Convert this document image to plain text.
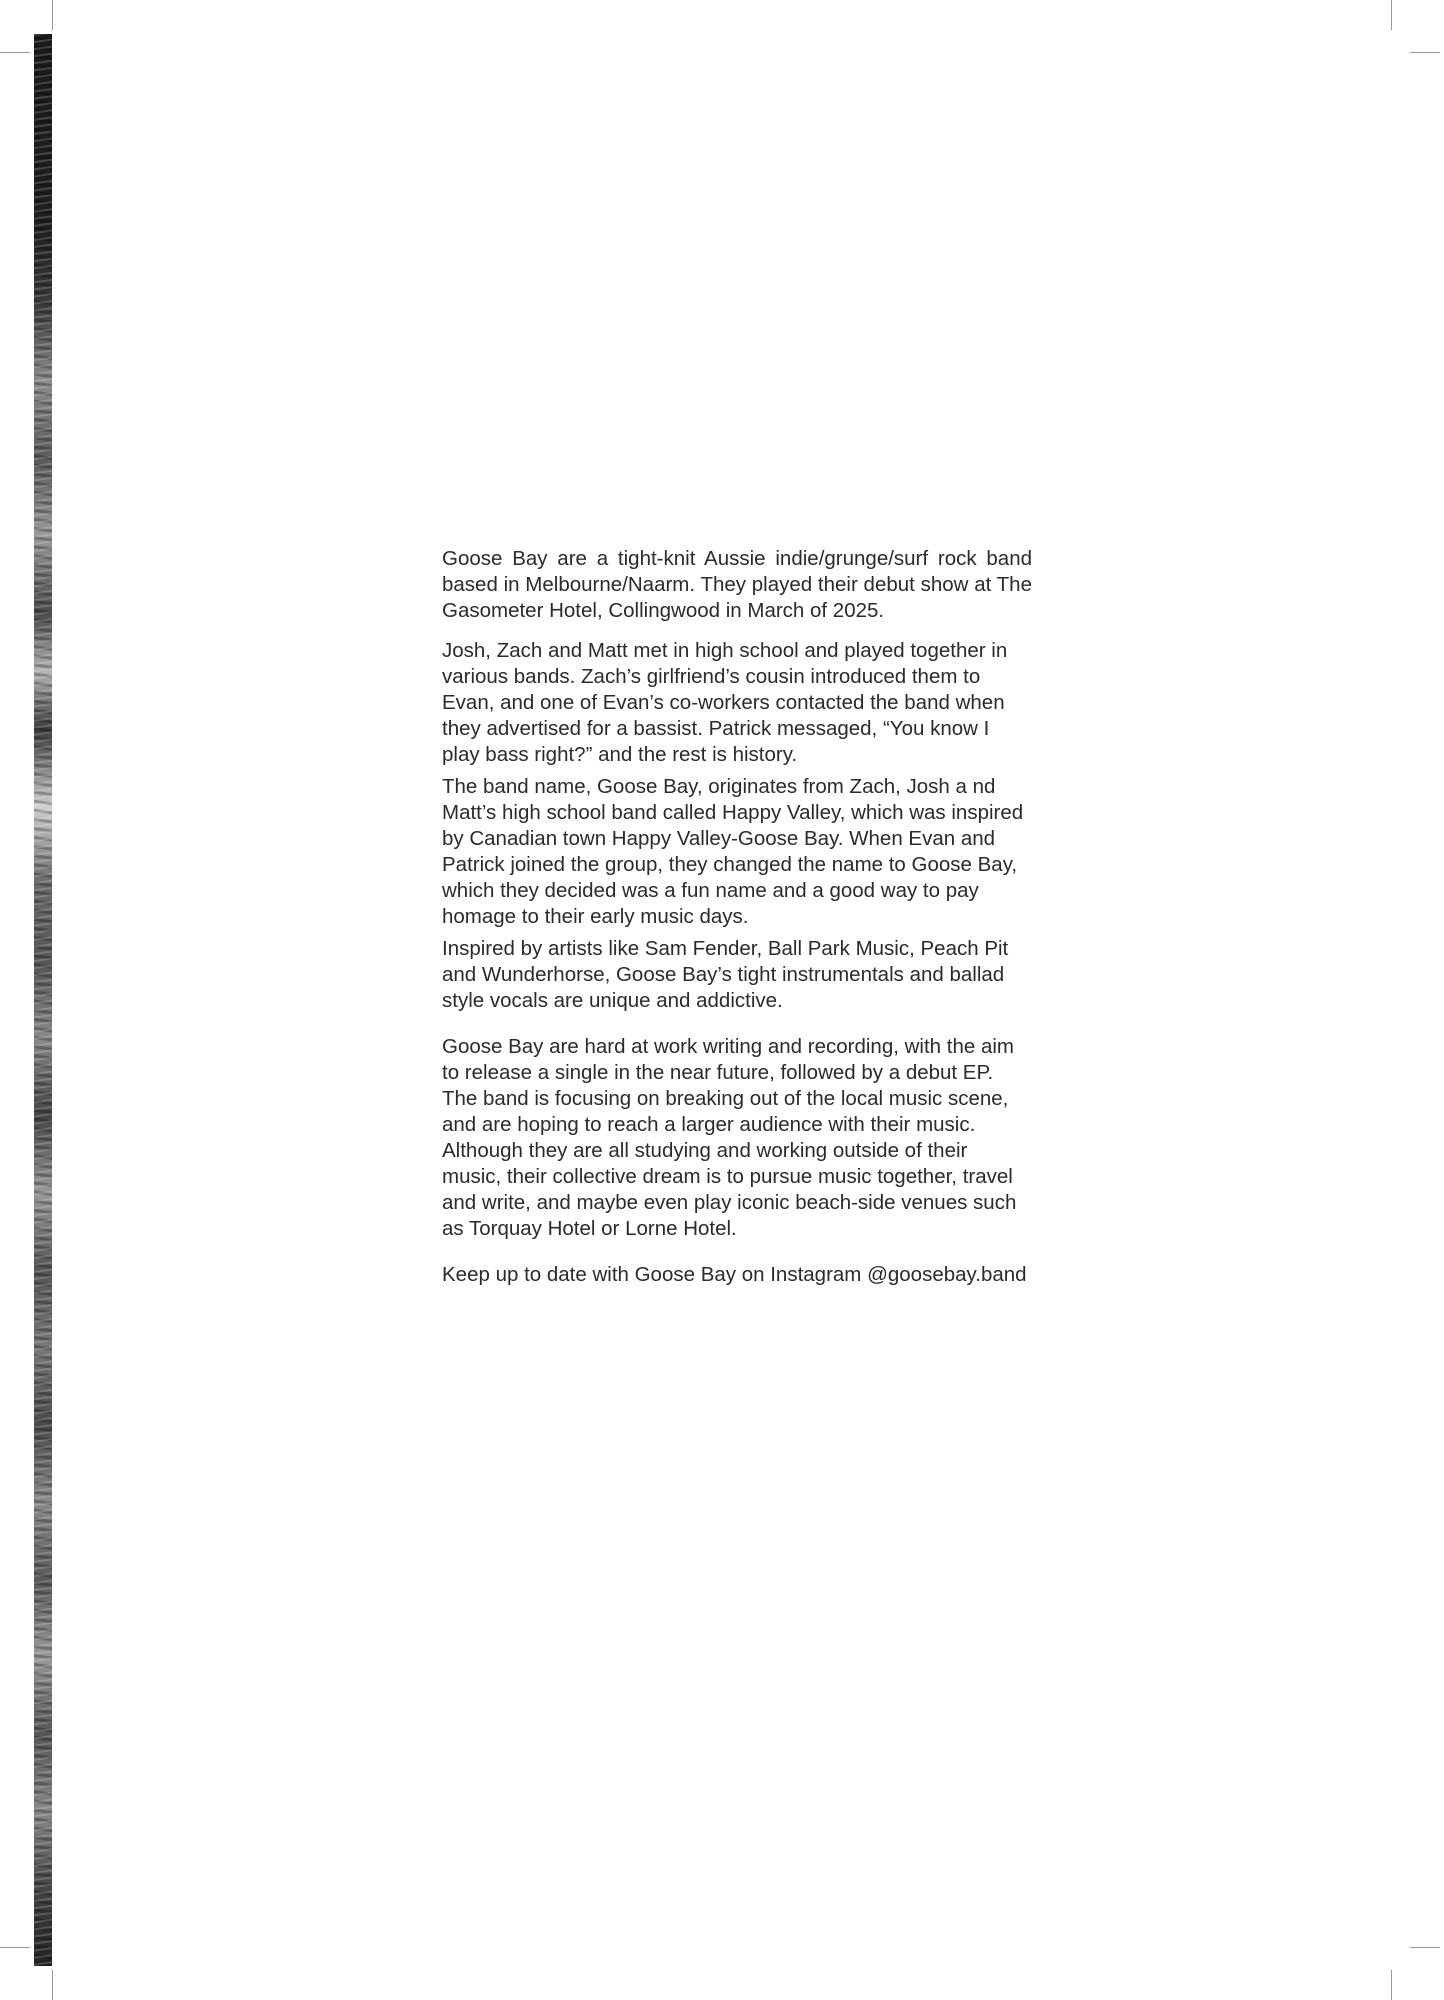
Goose Bay are a tight-knit Aussie indie/grunge/surf rock band based in Melbourne/Naarm. They played their debut show at The Gasometer Hotel, Collingwood in March of 2025.

Josh, Zach and Matt met in high school and played together in various bands. Zach’s girlfriend’s cousin introduced them to Evan, and one of Evan’s co-workers contacted the band when they advertised for a bassist. Patrick messaged, “You know I play bass right?” and the rest is history.

The band name, Goose Bay, originates from Zach, Josh a nd Matt’s high school band called Happy Valley, which was inspired by Canadian town Happy Valley-Goose Bay. When Evan and Patrick joined the group, they changed the name to Goose Bay, which they decided was a fun name and a good way to pay homage to their early music days.

Inspired by artists like Sam Fender, Ball Park Music, Peach Pit and Wunderhorse, Goose Bay’s tight instrumentals and ballad style vocals are unique and addictive.

Goose Bay are hard at work writing and recording, with the aim to release a single in the near future, followed by a debut EP. The band is focusing on breaking out of the local music scene, and are hoping to reach a larger audience with their music. Although they are all studying and working outside of their music, their collective dream is to pursue music together, travel and write, and maybe even play iconic beach-side venues such as Torquay Hotel or Lorne Hotel.

Keep up to date with Goose Bay on Instagram @goosebay.band
